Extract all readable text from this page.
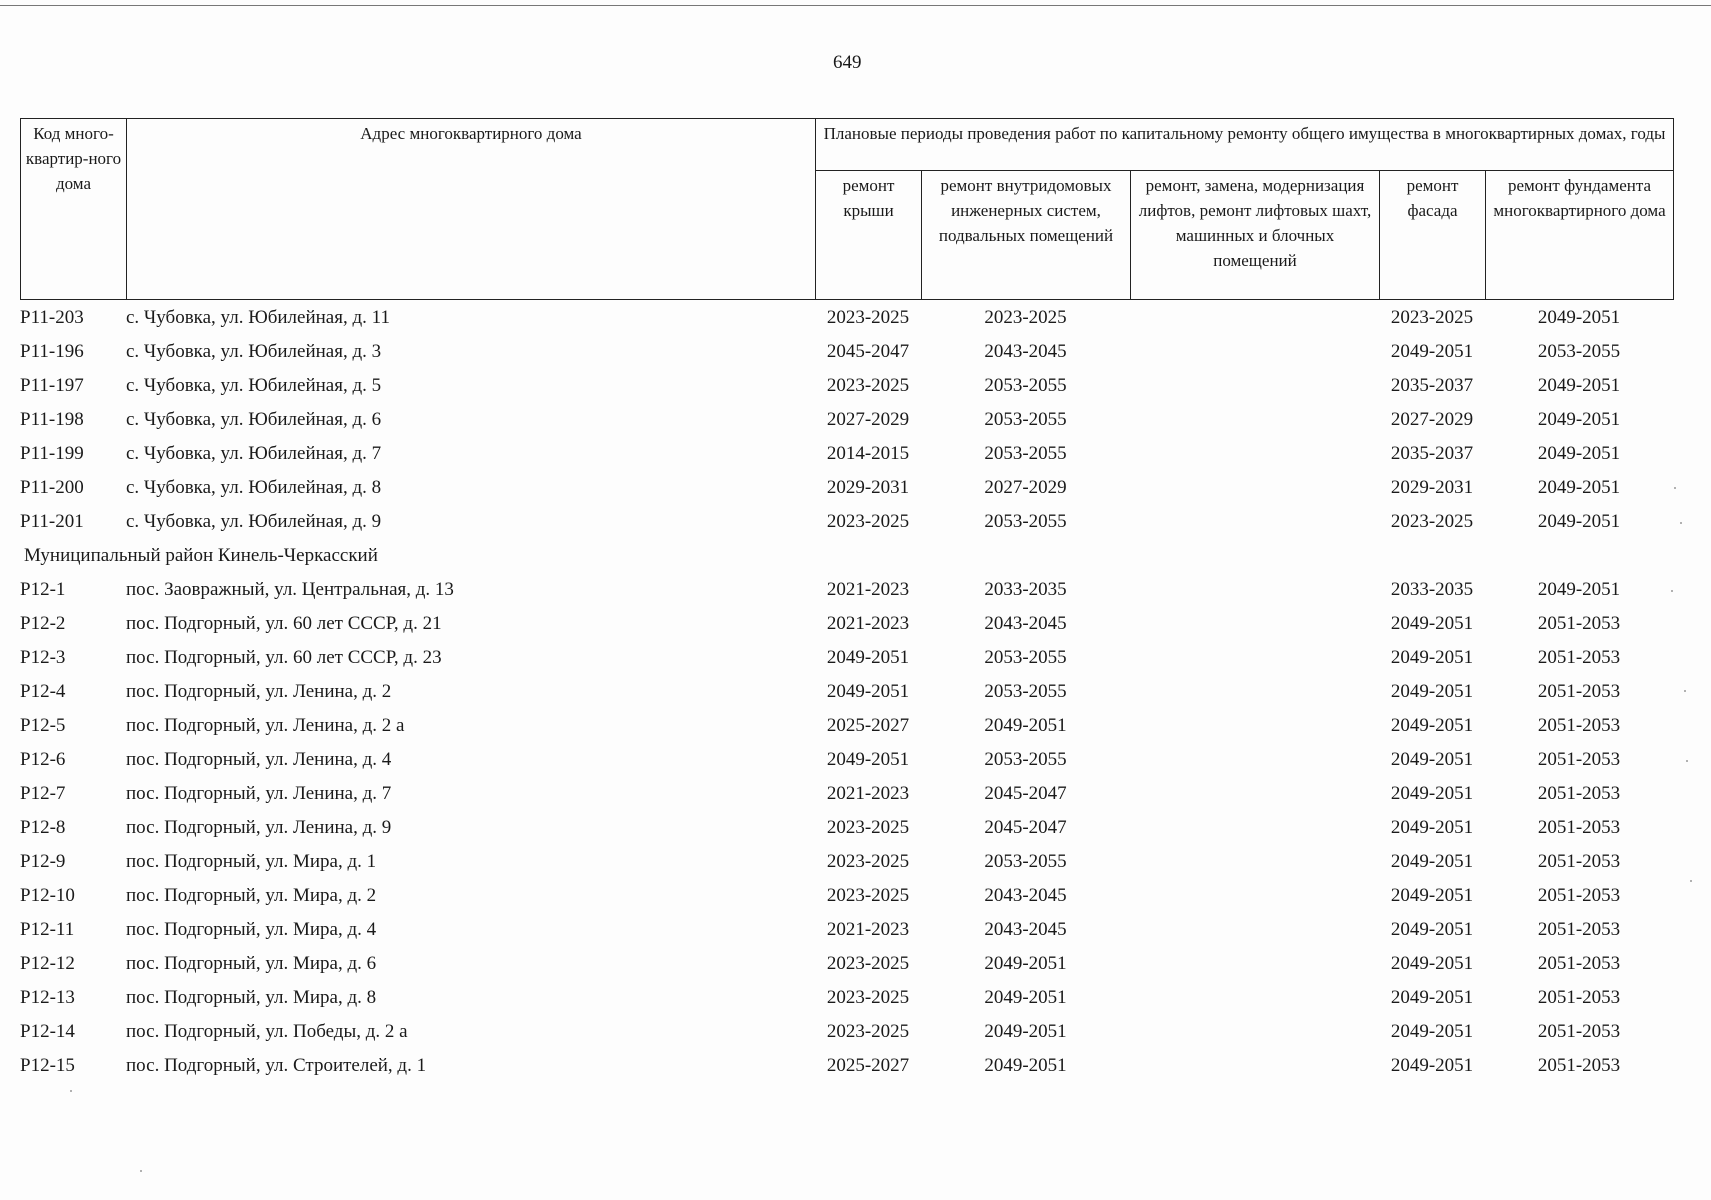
649
Код много-квартир-ного дома	Адрес многоквартирного дома	Плановые периоды проведения работ по капитальному ремонту общего имущества в многоквартирных домах, годы				
		ремонт крыши	ремонт внутридомовых инженерных систем, подвальных помещений	ремонт, замена, модернизация лифтов, ремонт лифтовых шахт, машинных и блочных помещений	ремонт фасада	ремонт фундамента многоквартирного дома
Р11-203	с. Чубовка, ул. Юбилейная, д. 11	2023-2025	2023-2025		2023-2025	2049-2051
Р11-196	с. Чубовка, ул. Юбилейная, д. 3	2045-2047	2043-2045		2049-2051	2053-2055
Р11-197	с. Чубовка, ул. Юбилейная, д. 5	2023-2025	2053-2055		2035-2037	2049-2051
Р11-198	с. Чубовка, ул. Юбилейная, д. 6	2027-2029	2053-2055		2027-2029	2049-2051
Р11-199	с. Чубовка, ул. Юбилейная, д. 7	2014-2015	2053-2055		2035-2037	2049-2051
Р11-200	с. Чубовка, ул. Юбилейная, д. 8	2029-2031	2027-2029		2029-2031	2049-2051
Р11-201	с. Чубовка, ул. Юбилейная, д. 9	2023-2025	2053-2055		2023-2025	2049-2051
Муниципальный район Кинель-Черкасский						
Р12-1	пос. Заовражный, ул. Центральная, д. 13	2021-2023	2033-2035		2033-2035	2049-2051
Р12-2	пос. Подгорный, ул. 60 лет СССР, д. 21	2021-2023	2043-2045		2049-2051	2051-2053
Р12-3	пос. Подгорный, ул. 60 лет СССР, д. 23	2049-2051	2053-2055		2049-2051	2051-2053
Р12-4	пос. Подгорный, ул. Ленина, д. 2	2049-2051	2053-2055		2049-2051	2051-2053
Р12-5	пос. Подгорный, ул. Ленина, д. 2 а	2025-2027	2049-2051		2049-2051	2051-2053
Р12-6	пос. Подгорный, ул. Ленина, д. 4	2049-2051	2053-2055		2049-2051	2051-2053
Р12-7	пос. Подгорный, ул. Ленина, д. 7	2021-2023	2045-2047		2049-2051	2051-2053
Р12-8	пос. Подгорный, ул. Ленина, д. 9	2023-2025	2045-2047		2049-2051	2051-2053
Р12-9	пос. Подгорный, ул. Мира, д. 1	2023-2025	2053-2055		2049-2051	2051-2053
Р12-10	пос. Подгорный, ул. Мира, д. 2	2023-2025	2043-2045		2049-2051	2051-2053
Р12-11	пос. Подгорный, ул. Мира, д. 4	2021-2023	2043-2045		2049-2051	2051-2053
Р12-12	пос. Подгорный, ул. Мира, д. 6	2023-2025	2049-2051		2049-2051	2051-2053
Р12-13	пос. Подгорный, ул. Мира, д. 8	2023-2025	2049-2051		2049-2051	2051-2053
Р12-14	пос. Подгорный, ул. Победы, д. 2 а	2023-2025	2049-2051		2049-2051	2051-2053
Р12-15	пос. Подгорный, ул. Строителей, д. 1	2025-2027	2049-2051		2049-2051	2051-2053
